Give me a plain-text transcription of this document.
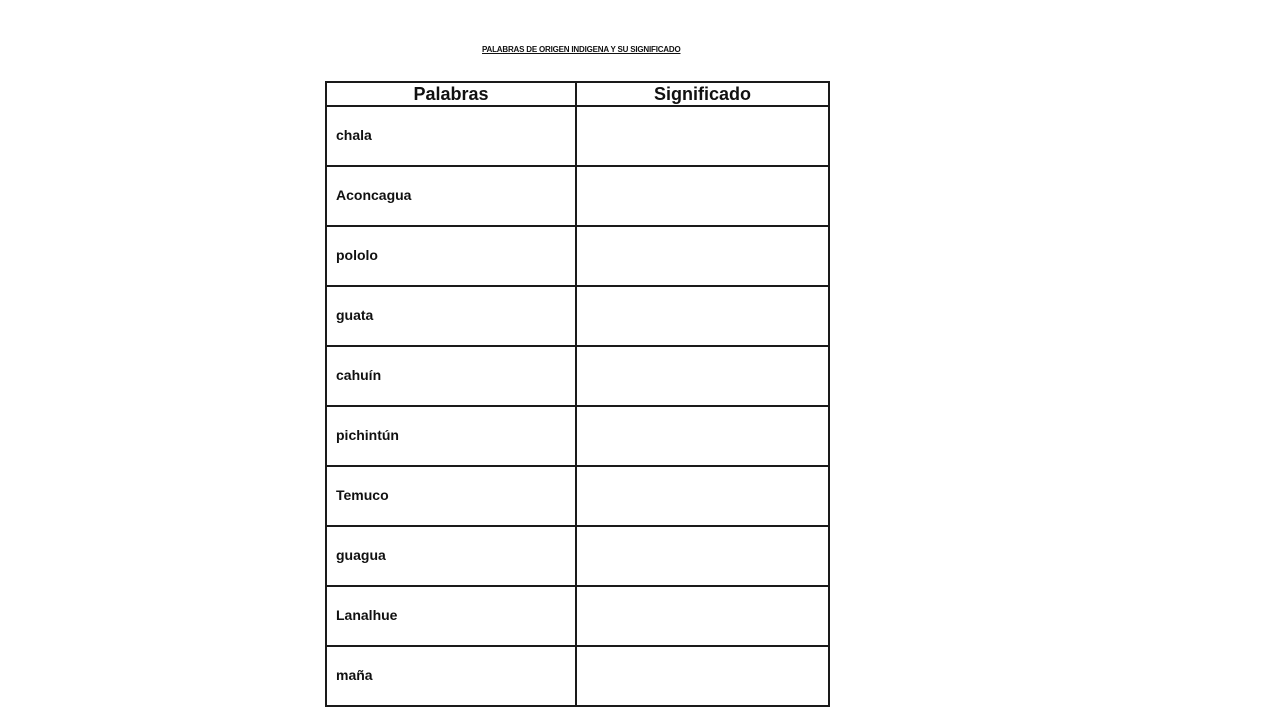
PALABRAS DE ORIGEN INDIGENA Y SU SIGNIFICADO
Palabras	Significado
chala	
Aconcagua	
pololo	
guata	
cahuín	
pichintún	
Temuco	
guagua	
Lanalhue	
maña	
